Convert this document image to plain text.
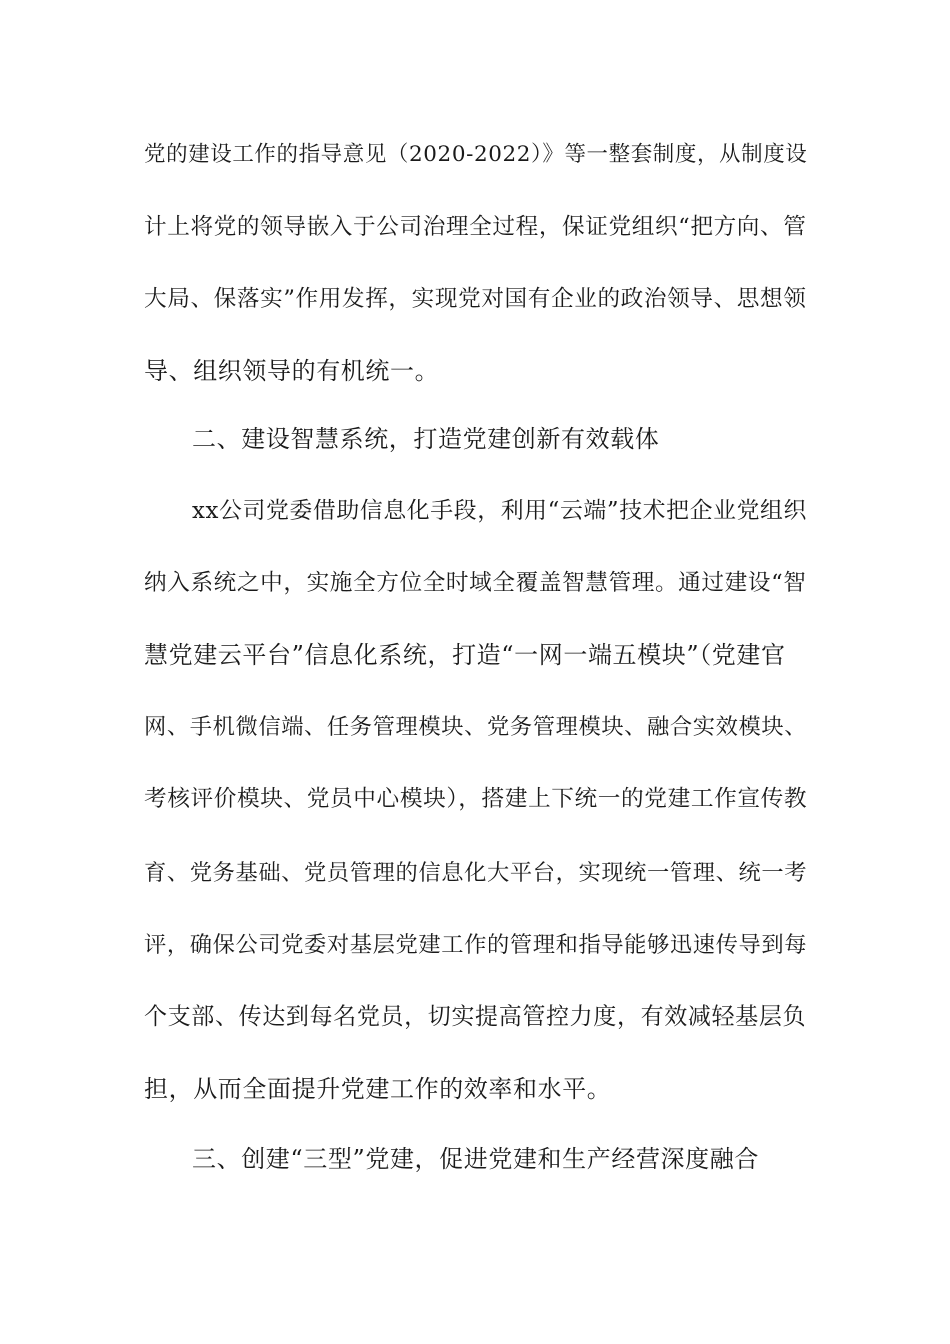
党的建设工作的指导意见（2020-2022）》等一整套制度，从制度设
计上将党的领导嵌入于公司治理全过程，保证党组织“把方向、管
大局、保落实”作用发挥，实现党对国有企业的政治领导、思想领
导、组织领导的有机统一。
二、建设智慧系统，打造党建创新有效载体
xx公司党委借助信息化手段，利用“云端”技术把企业党组织
纳入系统之中，实施全方位全时域全覆盖智慧管理。通过建设“智
慧党建云平台”信息化系统，打造“一网一端五模块”（党建官
网、手机微信端、任务管理模块、党务管理模块、融合实效模块、
考核评价模块、党员中心模块），搭建上下统一的党建工作宣传教
育、党务基础、党员管理的信息化大平台，实现统一管理、统一考
评，确保公司党委对基层党建工作的管理和指导能够迅速传导到每
个支部、传达到每名党员，切实提高管控力度，有效减轻基层负
担，从而全面提升党建工作的效率和水平。
三、创建“三型”党建，促进党建和生产经营深度融合
